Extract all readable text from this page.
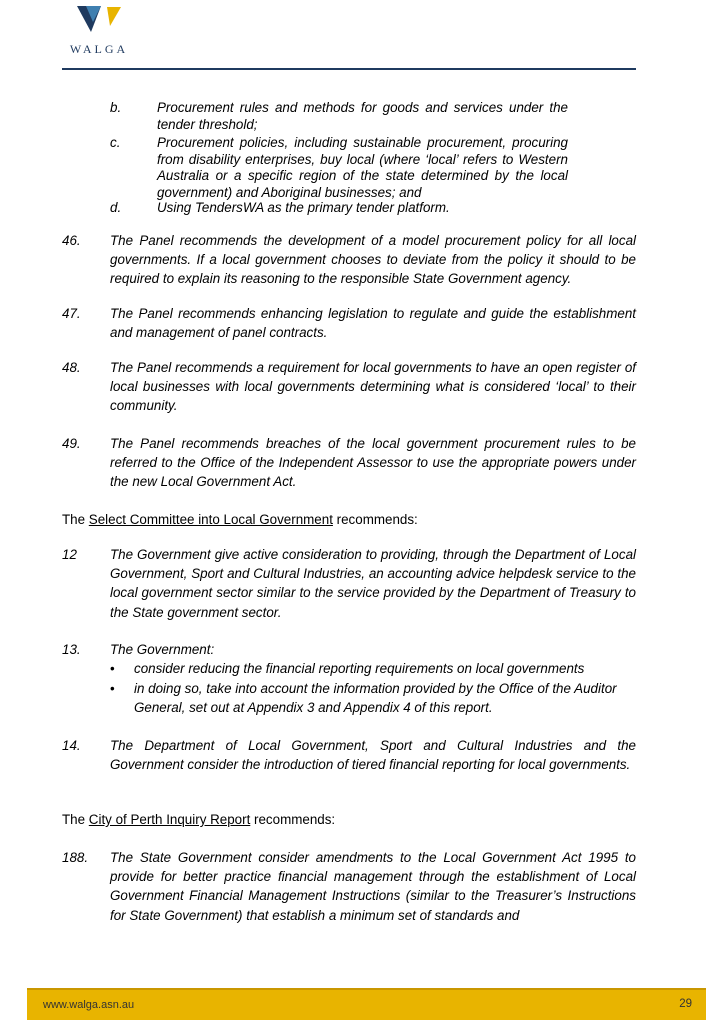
WALGA
b.	Procurement rules and methods for goods and services under the tender threshold;
c.	Procurement policies, including sustainable procurement, procuring from disability enterprises, buy local (where ‘local’ refers to Western Australia or a specific region of the state determined by the local government) and Aboriginal businesses; and
d.	Using TendersWA as the primary tender platform.
46. The Panel recommends the development of a model procurement policy for all local governments. If a local government chooses to deviate from the policy it should to be required to explain its reasoning to the responsible State Government agency.
47. The Panel recommends enhancing legislation to regulate and guide the establishment and management of panel contracts.
48. The Panel recommends a requirement for local governments to have an open register of local businesses with local governments determining what is considered ‘local’ to their community.
49. The Panel recommends breaches of the local government procurement rules to be referred to the Office of the Independent Assessor to use the appropriate powers under the new Local Government Act.
The Select Committee into Local Government recommends:
12 The Government give active consideration to providing, through the Department of Local Government, Sport and Cultural Industries, an accounting advice helpdesk service to the local government sector similar to the service provided by the Department of Treasury to the State government sector.
13. The Government:
• consider reducing the financial reporting requirements on local governments
• in doing so, take into account the information provided by the Office of the Auditor General, set out at Appendix 3 and Appendix 4 of this report.
14. The Department of Local Government, Sport and Cultural Industries and the Government consider the introduction of tiered financial reporting for local governments.
The City of Perth Inquiry Report recommends:
188. The State Government consider amendments to the Local Government Act 1995 to provide for better practice financial management through the establishment of Local Government Financial Management Instructions (similar to the Treasurer’s Instructions for State Government) that establish a minimum set of standards and
www.walga.asn.au	29
